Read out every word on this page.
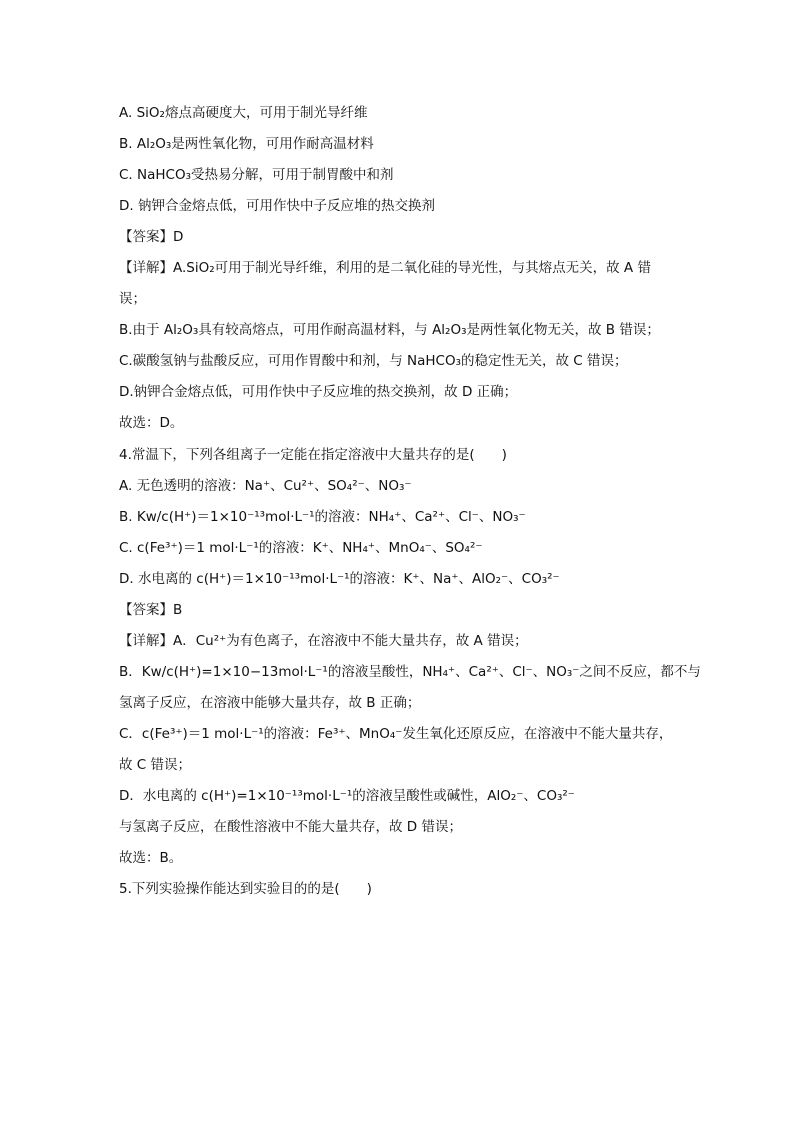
A. SiO₂熔点高硬度大，可用于制光导纤维
B. Al₂O₃是两性氧化物，可用作耐高温材料
C. NaHCO₃受热易分解，可用于制胃酸中和剂
D. 钠钾合金熔点低，可用作快中子反应堆的热交换剂
【答案】D
【详解】A.SiO₂可用于制光导纤维，利用的是二氧化硅的导光性，与其熔点无关，故 A 错
误；
B.由于 Al₂O₃具有较高熔点，可用作耐高温材料，与 Al₂O₃是两性氧化物无关，故 B 错误；
C.碳酸氢钠与盐酸反应，可用作胃酸中和剂，与 NaHCO₃的稳定性无关，故 C 错误；
D.钠钾合金熔点低，可用作快中子反应堆的热交换剂，故 D 正确；
故选：D。
4.常温下，下列各组离子一定能在指定溶液中大量共存的是(　　)
A. 无色透明的溶液：Na⁺、Cu²⁺、SO₄²⁻、NO₃⁻
B. Kw/c(H⁺)＝1×10⁻¹³mol·L⁻¹的溶液：NH₄⁺、Ca²⁺、Cl⁻、NO₃⁻
C. c(Fe³⁺)＝1 mol·L⁻¹的溶液：K⁺、NH₄⁺、MnO₄⁻、SO₄²⁻
D. 水电离的 c(H⁺)＝1×10⁻¹³mol·L⁻¹的溶液：K⁺、Na⁺、AlO₂⁻、CO₃²⁻
【答案】B
【详解】A．Cu²⁺为有色离子，在溶液中不能大量共存，故 A 错误；
B．Kw/c(H⁺)=1×10−13mol·L⁻¹的溶液呈酸性，NH₄⁺、Ca²⁺、Cl⁻、NO₃⁻之间不反应，都不与
氢离子反应，在溶液中能够大量共存，故 B 正确；
C．c(Fe³⁺)＝1 mol·L⁻¹的溶液：Fe³⁺、MnO₄⁻发生氧化还原反应，在溶液中不能大量共存，
故 C 错误；
D．水电离的 c(H⁺)=1×10⁻¹³mol·L⁻¹的溶液呈酸性或碱性，AlO₂⁻、CO₃²⁻
与氢离子反应，在酸性溶液中不能大量共存，故 D 错误；
故选：B。
5.下列实验操作能达到实验目的的是(　　)
